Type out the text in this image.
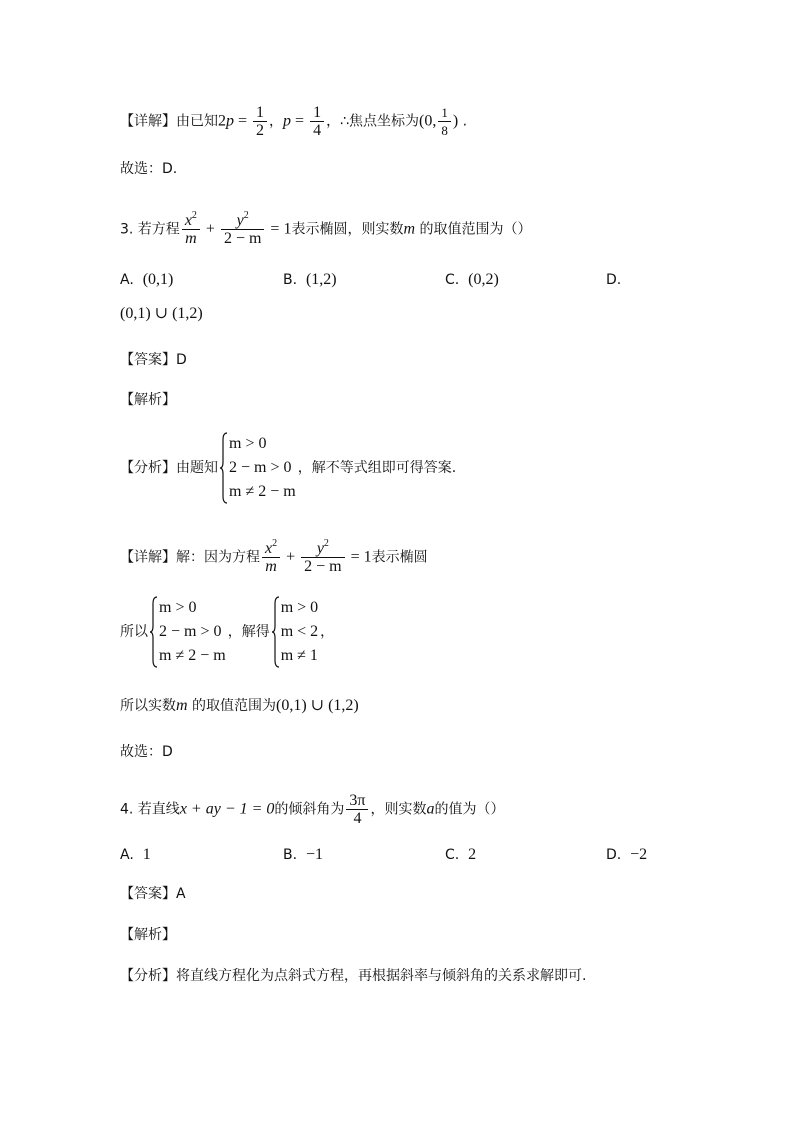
【详解】由已知$2p = \frac{1}{2}$ ，$p = \frac{1}{4}$ ，∴焦点坐标为(0, $\frac{1}{8}$ ) .
故选：D.
3. 若方程 $\frac{x^2}{m} + \frac{y^2}{2 - m} = 1$表示椭圆，则实数m 的取值范围为（）
A. (0,1)	B. (1,2)	C. (0,2)	D.
(0,1) ∪ (1,2)
【答案】D
【解析】
【分析】由题知
m > 0
2 − m > 0
m ≠ 2 − m
，解不等式组即可得答案.
【详解】解：因为方程 $\frac{x^2}{m} + \frac{y^2}{2 - m} = 1$表示椭圆
所以
m > 0
2 − m > 0
m ≠ 2 − m
，解得
m > 0
m < 2
m ≠ 1
，
所以实数m 的取值范围为(0,1) ∪ (1,2)
故选：D
4. 若直线x + ay − 1 = 0的倾斜角为 $\frac{3\pi}{4}$ ，则实数a的值为（）
A. 1	B. −1	C. 2	D. −2
【答案】A
【解析】
【分析】将直线方程化为点斜式方程，再根据斜率与倾斜角的关系求解即可.
